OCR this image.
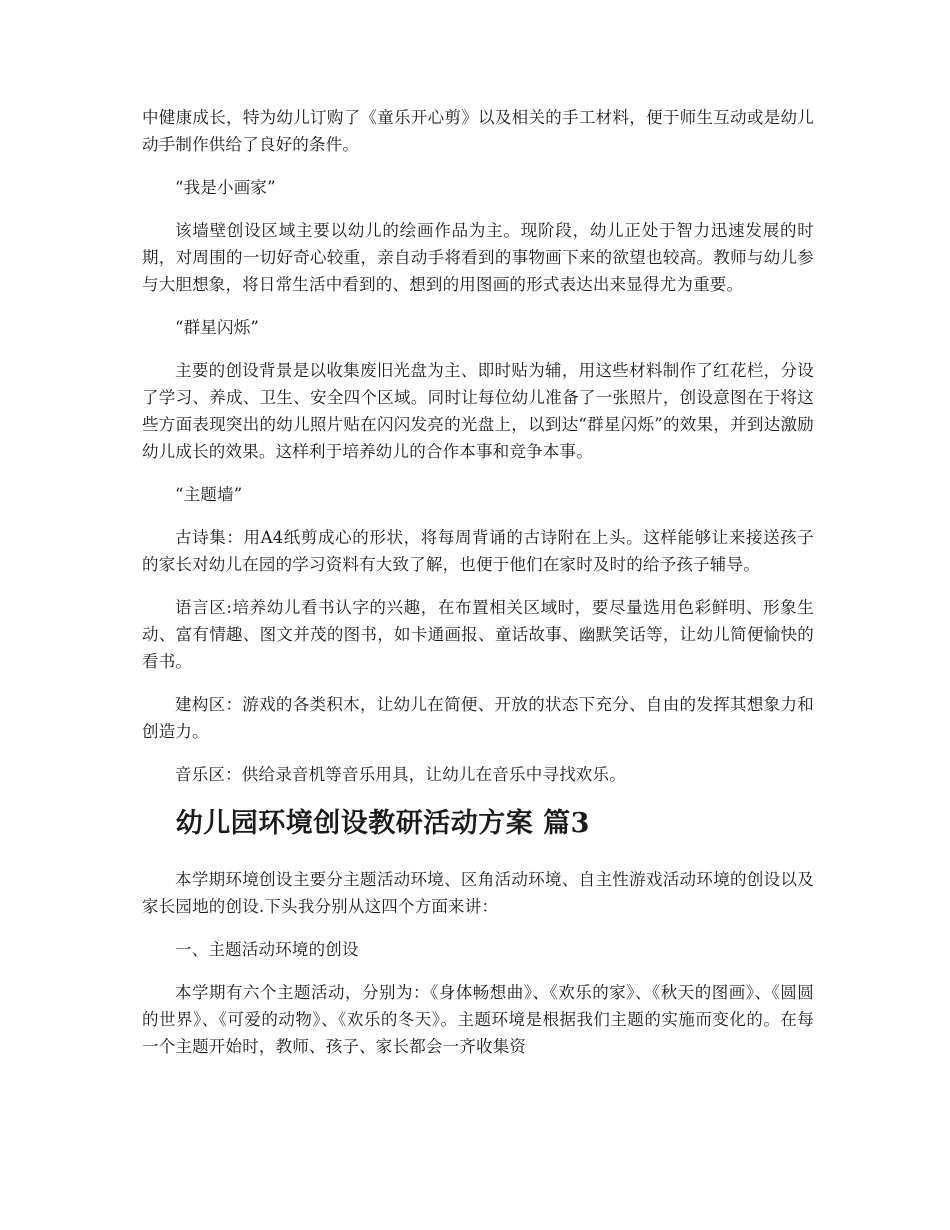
中健康成长，特为幼儿订购了《童乐开心剪》以及相关的手工材料，便于师生互动或是幼儿动手制作供给了良好的条件。

“我是小画家”

该墙壁创设区域主要以幼儿的绘画作品为主。现阶段，幼儿正处于智力迅速发展的时期，对周围的一切好奇心较重，亲自动手将看到的事物画下来的欲望也较高。教师与幼儿参与大胆想象，将日常生活中看到的、想到的用图画的形式表达出来显得尤为重要。

“群星闪烁”

主要的创设背景是以收集废旧光盘为主、即时贴为辅，用这些材料制作了红花栏，分设了学习、养成、卫生、安全四个区域。同时让每位幼儿准备了一张照片，创设意图在于将这些方面表现突出的幼儿照片贴在闪闪发亮的光盘上，以到达“群星闪烁”的效果，并到达激励幼儿成长的效果。这样利于培养幼儿的合作本事和竞争本事。

“主题墙”

古诗集：用A4纸剪成心的形状，将每周背诵的古诗附在上头。这样能够让来接送孩子的家长对幼儿在园的学习资料有大致了解，也便于他们在家时及时的给予孩子辅导。

语言区:培养幼儿看书认字的兴趣，在布置相关区域时，要尽量选用色彩鲜明、形象生动、富有情趣、图文并茂的图书，如卡通画报、童话故事、幽默笑话等，让幼儿简便愉快的看书。

建构区：游戏的各类积木，让幼儿在简便、开放的状态下充分、自由的发挥其想象力和创造力。

音乐区：供给录音机等音乐用具，让幼儿在音乐中寻找欢乐。

幼儿园环境创设教研活动方案 篇3

本学期环境创设主要分主题活动环境、区角活动环境、自主性游戏活动环境的创设以及家长园地的创设.下头我分别从这四个方面来讲：

一、主题活动环境的创设

本学期有六个主题活动，分别为：《身体畅想曲》、《欢乐的家》、《秋天的图画》、《圆圆的世界》、《可爱的动物》、《欢乐的冬天》。主题环境是根据我们主题的实施而变化的。在每一个主题开始时，教师、孩子、家长都会一齐收集资
